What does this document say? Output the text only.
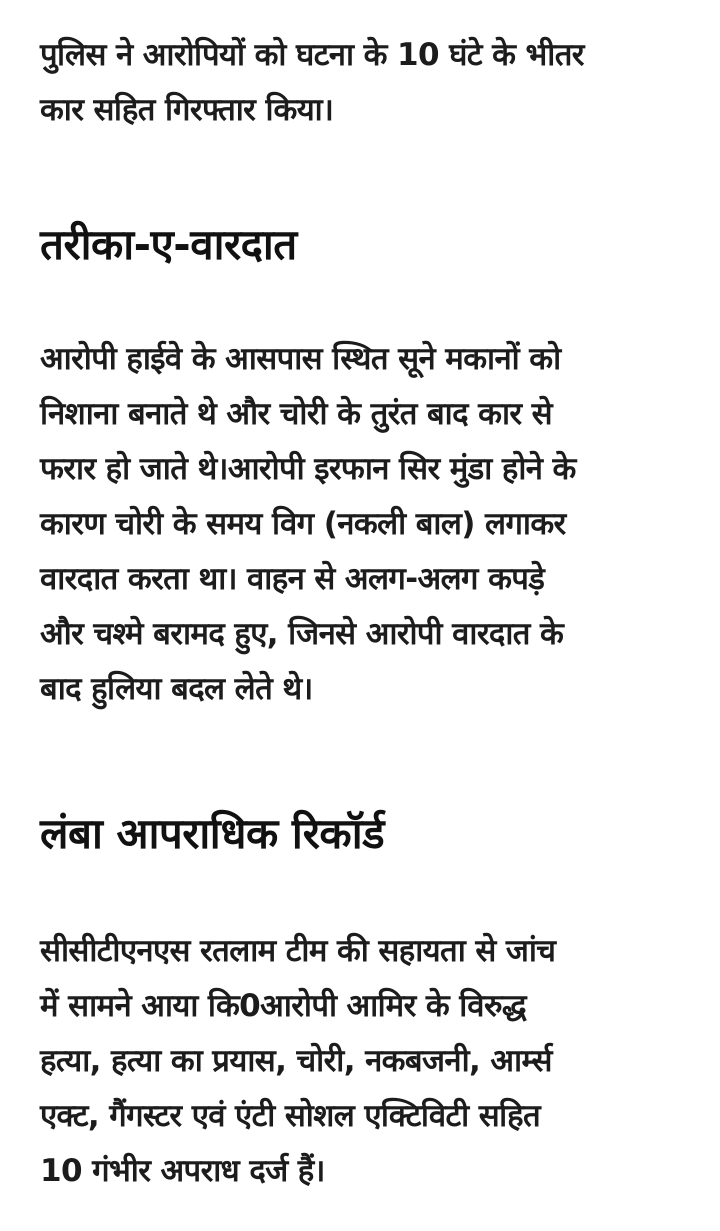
पुलिस ने आरोपियों को घटना के 10 घंटे के भीतर
कार सहित गिरफ्तार किया।

तरीका-ए-वारदात

आरोपी हाईवे के आसपास स्थित सूने मकानों को
निशाना बनाते थे और चोरी के तुरंत बाद कार से
फरार हो जाते थे।आरोपी इरफान सिर मुंडा होने के
कारण चोरी के समय विग (नकली बाल) लगाकर
वारदात करता था। वाहन से अलग-अलग कपड़े
और चश्मे बरामद हुए, जिनसे आरोपी वारदात के
बाद हुलिया बदल लेते थे।

लंबा आपराधिक रिकॉर्ड

सीसीटीएनएस रतलाम टीम की सहायता से जांच
में सामने आया कि0आरोपी आमिर के विरुद्ध
हत्या, हत्या का प्रयास, चोरी, नकबजनी, आर्म्स
एक्ट, गैंगस्टर एवं एंटी सोशल एक्टिविटी सहित
10 गंभीर अपराध दर्ज हैं।
